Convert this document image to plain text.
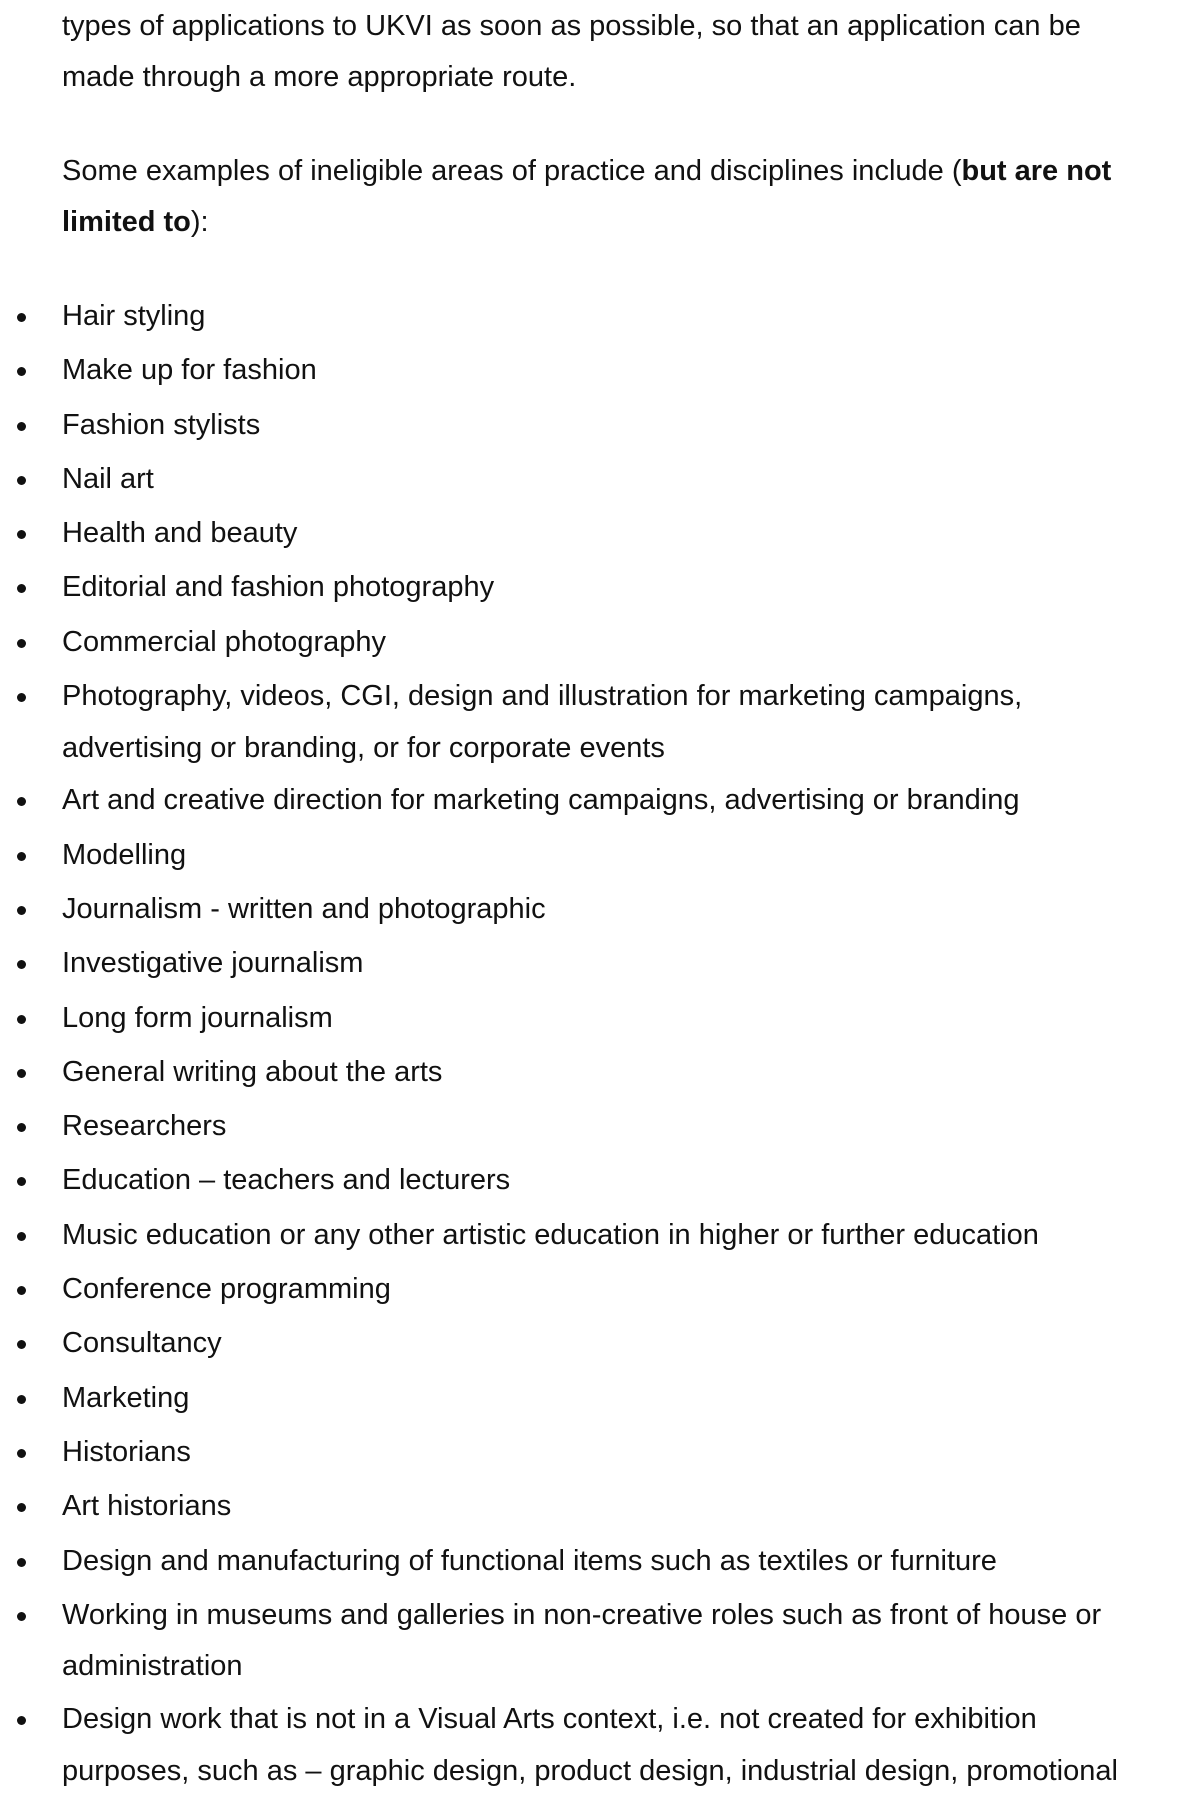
types of applications to UKVI as soon as possible, so that an application can be made through a more appropriate route.

Some examples of ineligible areas of practice and disciplines include (but are not limited to):

Hair styling
Make up for fashion
Fashion stylists
Nail art
Health and beauty
Editorial and fashion photography
Commercial photography
Photography, videos, CGI, design and illustration for marketing campaigns, advertising or branding, or for corporate events
Art and creative direction for marketing campaigns, advertising or branding
Modelling
Journalism - written and photographic
Investigative journalism
Long form journalism
General writing about the arts
Researchers
Education – teachers and lecturers
Music education or any other artistic education in higher or further education
Conference programming
Consultancy
Marketing
Historians
Art historians
Design and manufacturing of functional items such as textiles or furniture
Working in museums and galleries in non-creative roles such as front of house or administration
Design work that is not in a Visual Arts context, i.e. not created for exhibition purposes, such as – graphic design, product design, industrial design, promotional
